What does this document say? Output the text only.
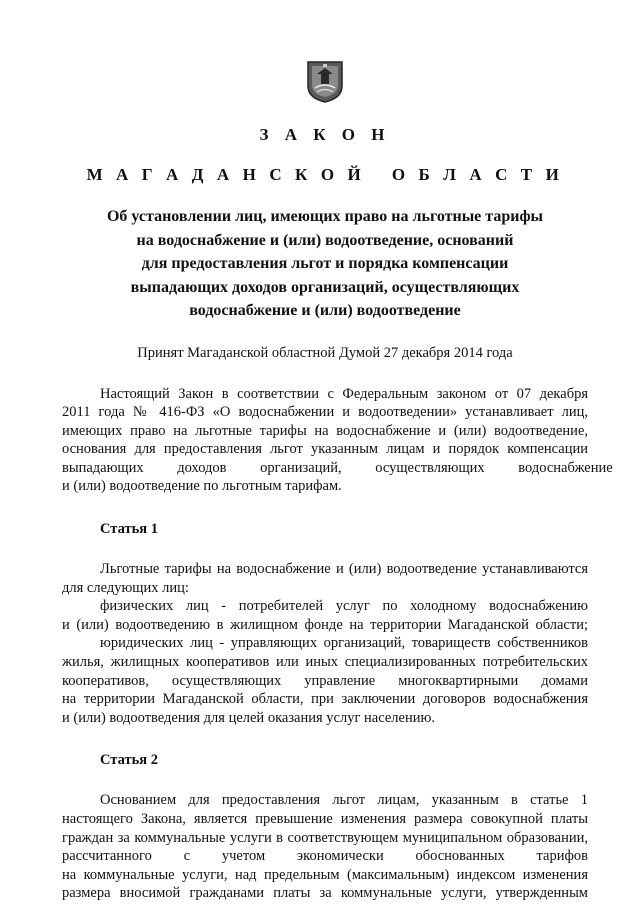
З А К О Н
М А Г А Д А Н С К О Й   О Б Л А С Т И
Об установлении лиц, имеющих право на льготные тарифы
на водоснабжение и (или) водоотведение, оснований
для предоставления льгот и порядка компенсации
выпадающих доходов организаций, осуществляющих
водоснабжение и (или) водоотведение
Принят Магаданской областной Думой 27 декабря 2014 года
Настоящий Закон в соответствии с Федеральным законом от 07 декабря
2011 года № 416-ФЗ «О водоснабжении и водоотведении» устанавливает лиц,
имеющих право на льготные тарифы на водоснабжение и (или) водоотведение,
основания для предоставления льгот указанным лицам и порядок компенсации
выпадающих доходов организаций, осуществляющих водоснабжение
и (или) водоотведение по льготным тарифам.
Статья 1
Льготные тарифы на водоснабжение и (или) водоотведение устанавливаются
для следующих лиц:
физических лиц - потребителей услуг по холодному водоснабжению
и (или) водоотведению в жилищном фонде на территории Магаданской области;
юридических лиц - управляющих организаций, товариществ собственников
жилья, жилищных кооперативов или иных специализированных потребительских
кооперативов, осуществляющих управление многоквартирными домами
на территории Магаданской области, при заключении договоров водоснабжения
и (или) водоотведения для целей оказания услуг населению.
Статья 2
Основанием для предоставления льгот лицам, указанным в статье 1
настоящего Закона, является превышение изменения размера совокупной платы
граждан за коммунальные услуги в соответствующем муниципальном образовании,
рассчитанного с учетом экономически обоснованных тарифов
на коммунальные услуги, над предельным (максимальным) индексом изменения
размера вносимой гражданами платы за коммунальные услуги, утвержденным
